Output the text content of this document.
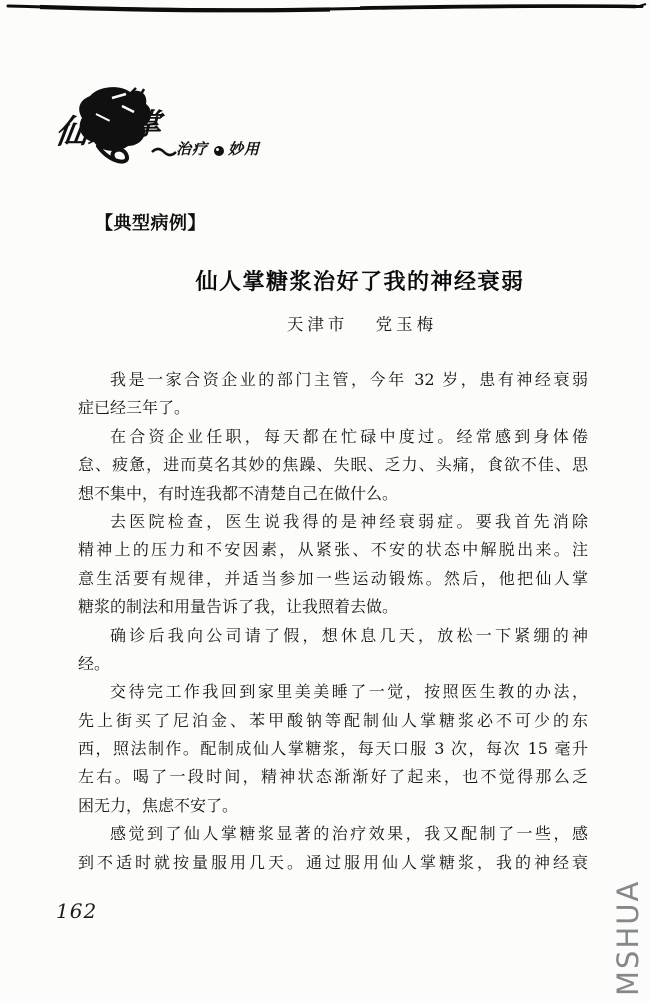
仙
人 掌
治疗 妙用
【典型病例】
仙人掌糖浆治好了我的神经衰弱
天津市 党玉梅
我是一家合资企业的部门主管，今年 32 岁，患有神经衰弱
症已经三年了。
在合资企业任职，每天都在忙碌中度过。经常感到身体倦
怠、疲惫，进而莫名其妙的焦躁、失眠、乏力、头痛，食欲不佳、思
想不集中，有时连我都不清楚自己在做什么。
去医院检查，医生说我得的是神经衰弱症。要我首先消除
精神上的压力和不安因素，从紧张、不安的状态中解脱出来。注
意生活要有规律，并适当参加一些运动锻炼。然后，他把仙人掌
糖浆的制法和用量告诉了我，让我照着去做。
确诊后我向公司请了假，想休息几天，放松一下紧绷的神
经。
交待完工作我回到家里美美睡了一觉，按照医生教的办法，
先上街买了尼泊金、苯甲酸钠等配制仙人掌糖浆必不可少的东
西，照法制作。配制成仙人掌糖浆，每天口服 3 次，每次 15 毫升
左右。喝了一段时间，精神状态渐渐好了起来，也不觉得那么乏
困无力，焦虑不安了。
感觉到了仙人掌糖浆显著的治疗效果，我又配制了一些，感
到不适时就按量服用几天。通过服用仙人掌糖浆，我的神经衰
162	MSHUA
